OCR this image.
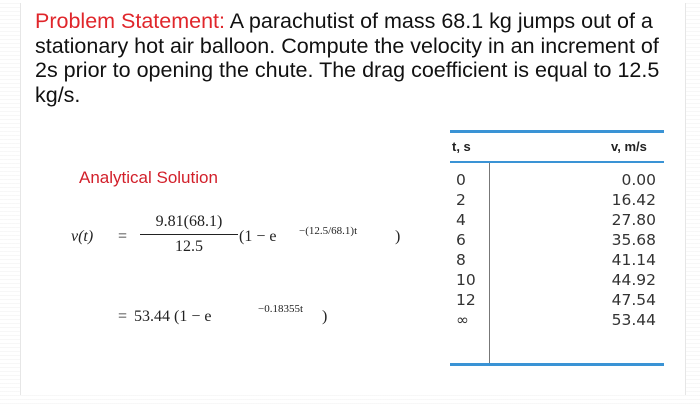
Problem Statement: A parachutist of mass 68.1 kg jumps out of a stationary hot air balloon. Compute the velocity in an increment of 2s prior to opening the chute. The drag coefficient is equal to 12.5 kg/s.
Analytical Solution
v(t) =
9.81(68.1)
12.5
(1 − e −(12.5/68.1)t )
= 53.44 (1 − e	−0.18355t )
t, s	v, m/s
0
2
4
6
8
10
12
∞
0.00
16.42
27.80
35.68
41.14
44.92
47.54
53.44
